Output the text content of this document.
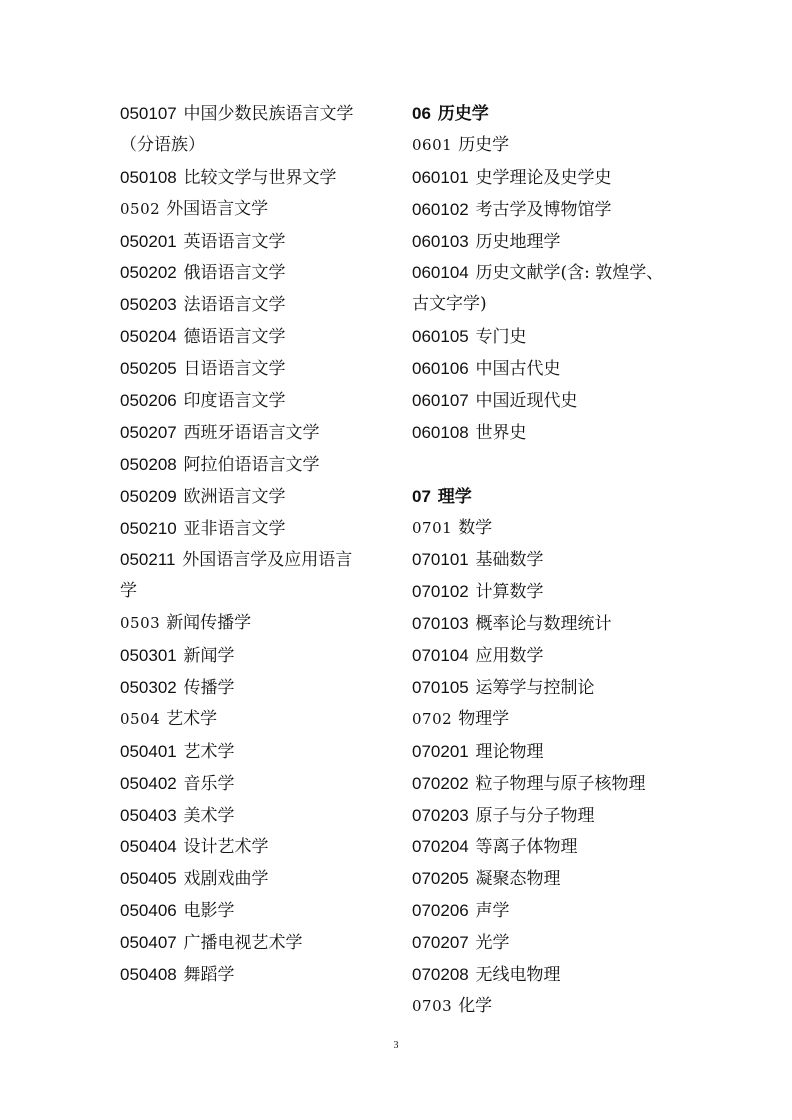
050107 中国少数民族语言文学
（分语族）
050108 比较文学与世界文学
0502 外国语言文学
050201 英语语言文学
050202 俄语语言文学
050203 法语语言文学
050204 德语语言文学
050205 日语语言文学
050206 印度语言文学
050207 西班牙语语言文学
050208 阿拉伯语语言文学
050209 欧洲语言文学
050210 亚非语言文学
050211 外国语言学及应用语言
学
0503 新闻传播学
050301 新闻学
050302 传播学
0504 艺术学
050401 艺术学
050402 音乐学
050403 美术学
050404 设计艺术学
050405 戏剧戏曲学
050406 电影学
050407 广播电视艺术学
050408 舞蹈学
06 历史学
0601 历史学
060101 史学理论及史学史
060102 考古学及博物馆学
060103 历史地理学
060104 历史文献学(含: 敦煌学、
古文字学)
060105 专门史
060106 中国古代史
060107 中国近现代史
060108 世界史
07 理学
0701 数学
070101 基础数学
070102 计算数学
070103 概率论与数理统计
070104 应用数学
070105 运筹学与控制论
0702 物理学
070201 理论物理
070202 粒子物理与原子核物理
070203 原子与分子物理
070204 等离子体物理
070205 凝聚态物理
070206 声学
070207 光学
070208 无线电物理
0703 化学
3
